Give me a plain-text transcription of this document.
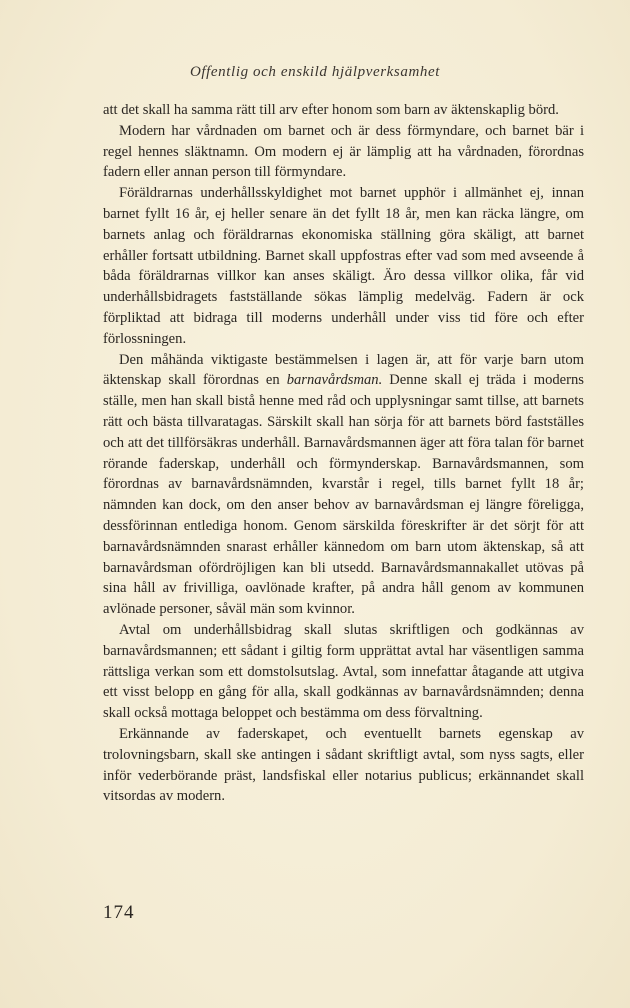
Offentlig och enskild hjälpverksamhet

att det skall ha samma rätt till arv efter honom som barn av äktenskaplig börd.

Modern har vårdnaden om barnet och är dess förmyndare, och barnet bär i regel hennes släktnamn. Om modern ej är lämplig att ha vårdnaden, förordnas fadern eller annan person till förmyndare.

Föräldrarnas underhållsskyldighet mot barnet upphör i allmänhet ej, innan barnet fyllt 16 år, ej heller senare än det fyllt 18 år, men kan räcka längre, om barnets anlag och föräldrarnas ekonomiska ställning göra skäligt, att barnet erhåller fortsatt utbildning. Barnet skall uppfostras efter vad som med avseende å båda föräldrarnas villkor kan anses skäligt. Äro dessa villkor olika, får vid underhållsbidragets fastställande sökas lämplig medelväg. Fadern är ock förpliktad att bidraga till moderns underhåll under viss tid före och efter förlossningen.

Den måhända viktigaste bestämmelsen i lagen är, att för varje barn utom äktenskap skall förordnas en barnavårdsman. Denne skall ej träda i moderns ställe, men han skall bistå henne med råd och upplysningar samt tillse, att barnets rätt och bästa tillvaratagas. Särskilt skall han sörja för att barnets börd fastställes och att det tillförsäkras underhåll. Barnavårdsmannen äger att föra talan för barnet rörande faderskap, underhåll och förmynderskap. Barnavårdsmannen, som förordnas av barnavårdsnämnden, kvarstår i regel, tills barnet fyllt 18 år; nämnden kan dock, om den anser behov av barnavårdsman ej längre föreligga, dessförinnan entlediga honom. Genom särskilda föreskrifter är det sörjt för att barnavårdsnämnden snarast erhåller kännedom om barn utom äktenskap, så att barnavårdsman ofördröjligen kan bli utsedd. Barnavårdsmannakallet utövas på sina håll av frivilliga, oavlönade krafter, på andra håll genom av kommunen avlönade personer, såväl män som kvinnor.

Avtal om underhållsbidrag skall slutas skriftligen och godkännas av barnavårdsmannen; ett sådant i giltig form upprättat avtal har väsentligen samma rättsliga verkan som ett domstolsutslag. Avtal, som innefattar åtagande att utgiva ett visst belopp en gång för alla, skall godkännas av barnavårdsnämnden; denna skall också mottaga beloppet och bestämma om dess förvaltning.

Erkännande av faderskapet, och eventuellt barnets egenskap av trolovningsbarn, skall ske antingen i sådant skriftligt avtal, som nyss sagts, eller inför vederbörande präst, landsfiskal eller notarius publicus; erkännandet skall vitsordas av modern.

174
